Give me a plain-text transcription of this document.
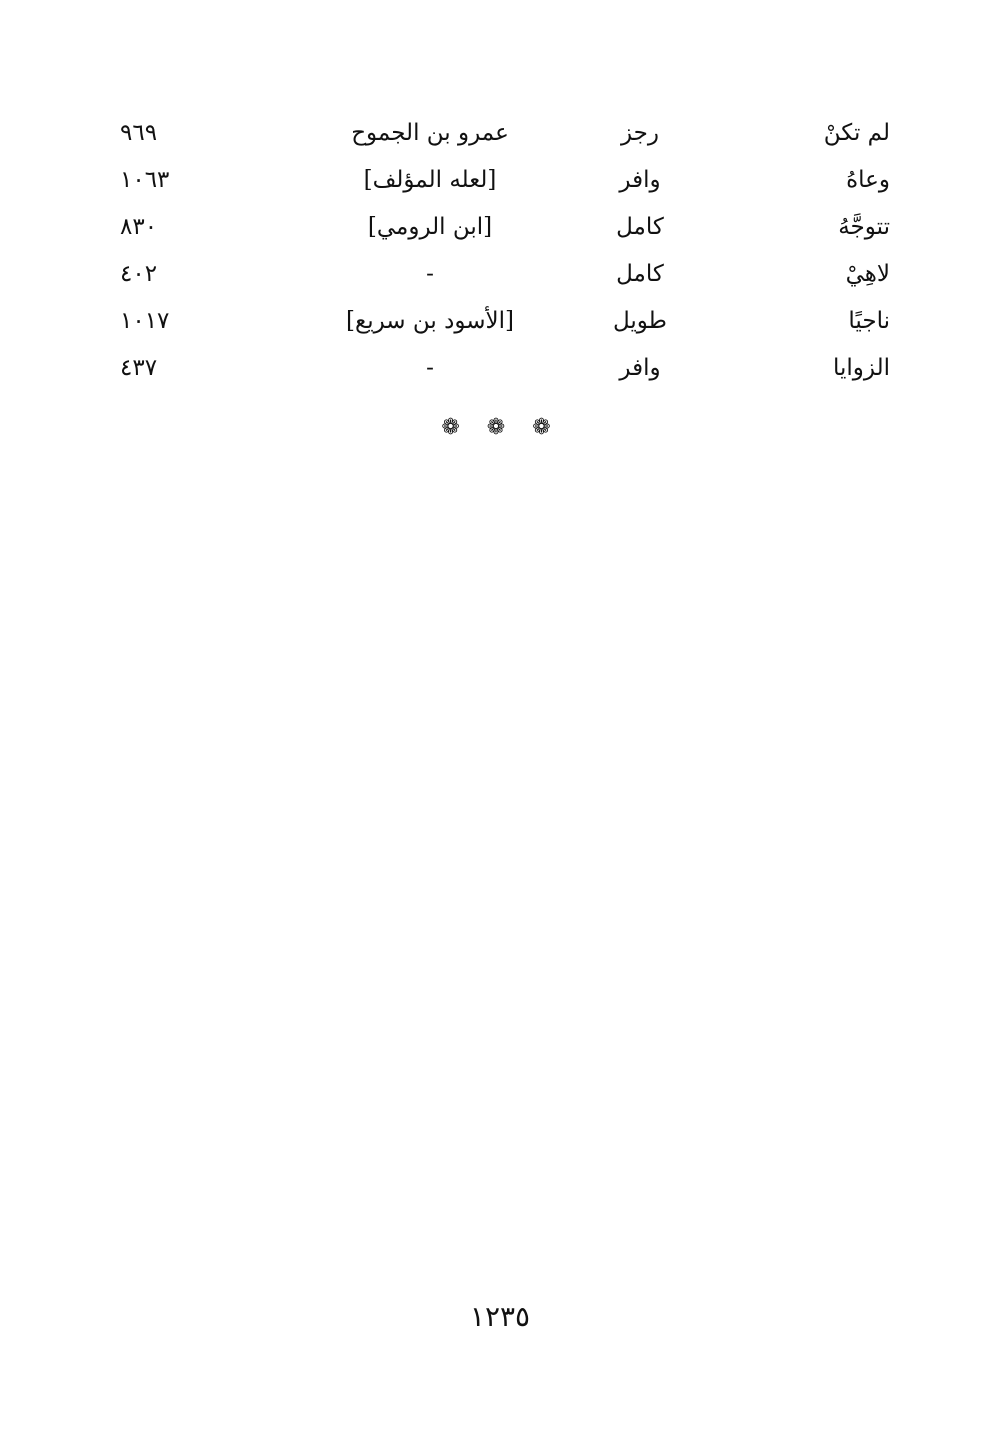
لم تكنْ
رجز
عمرو بن الجموح
٩٦٩
وعاهُ
وافر
[لعله المؤلف]
١٠٦٣
تتوجَّهُ
كامل
[ابن الرومي]
٨٣٠
لاهِيْ
كامل
-
٤٠٢
ناجيًا
طويل
[الأسود بن سريع]
١٠١٧
الزوايا
وافر
-
٤٣٧
❁ ❁ ❁
١٢٣٥
